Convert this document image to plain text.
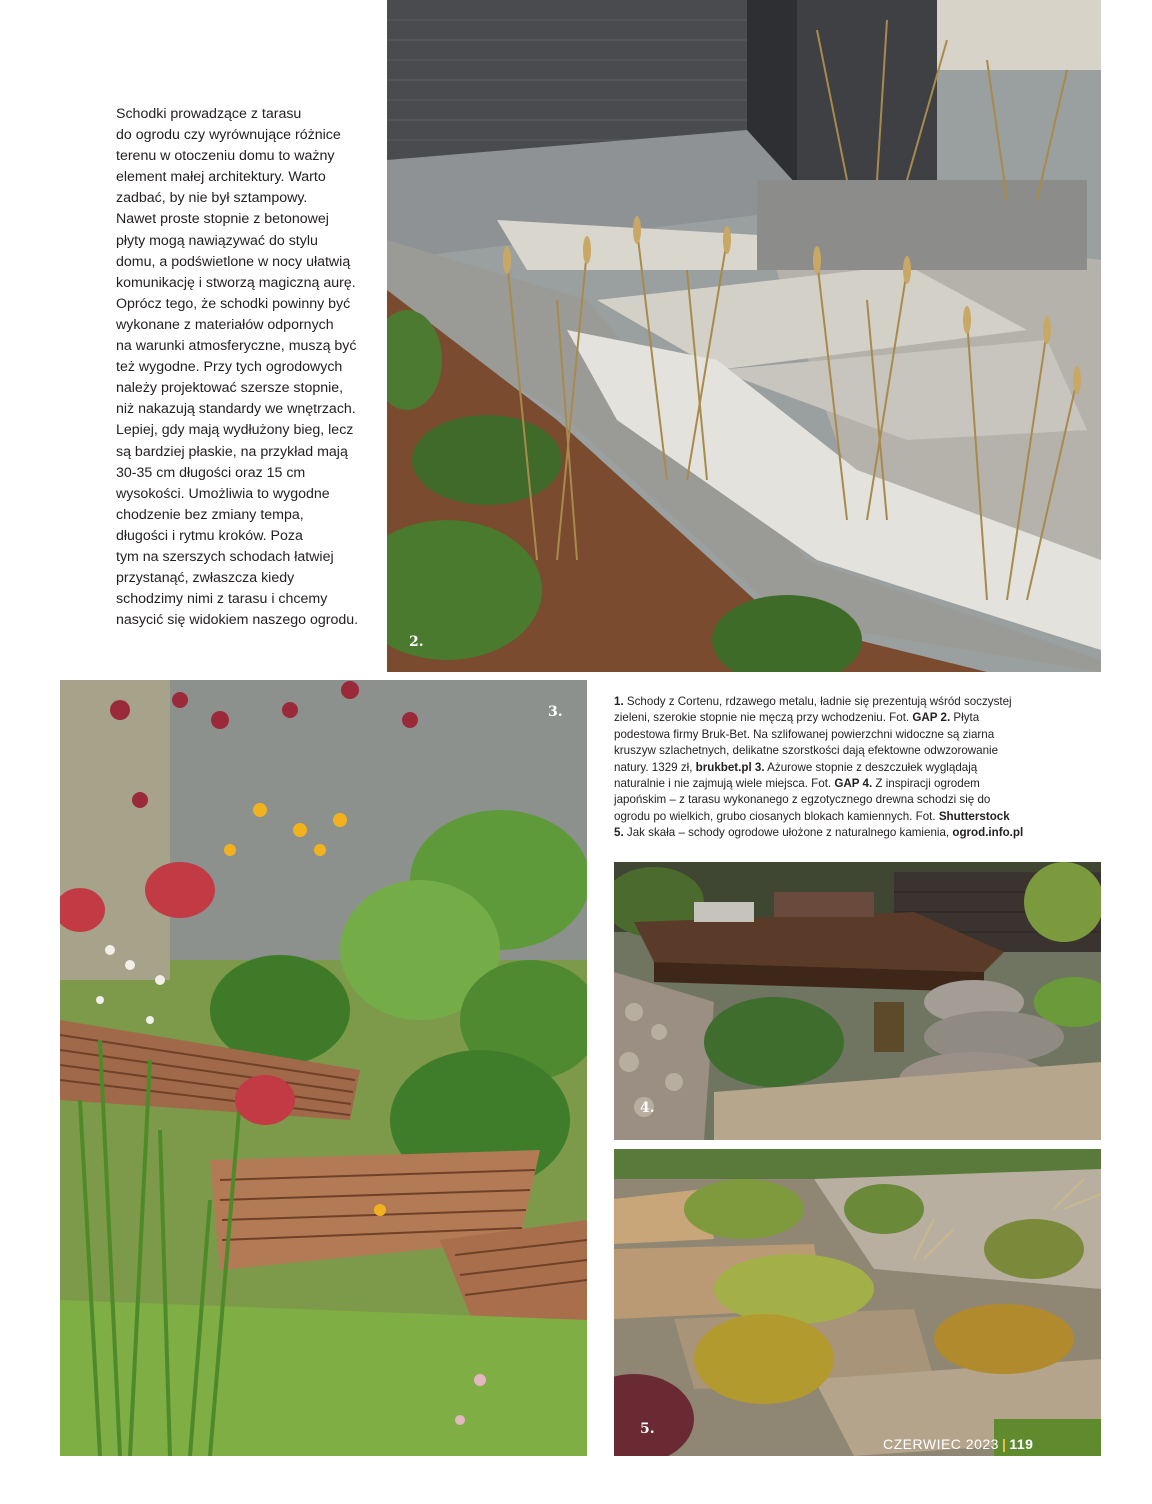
Schodki prowadzące z tarasu
do ogrodu czy wyrównujące różnice
terenu w otoczeniu domu to ważny
element małej architektury. Warto
zadbać, by nie był sztampowy.
Nawet proste stopnie z betonowej
płyty mogą nawiązywać do stylu
domu, a podświetlone w nocy ułatwią
komunikację i stworzą magiczną aurę.
Oprócz tego, że schodki powinny być
wykonane z materiałów odpornych
na warunki atmosferyczne, muszą być
też wygodne. Przy tych ogrodowych
należy projektować szersze stopnie,
niż nakazują standardy we wnętrzach.
Lepiej, gdy mają wydłużony bieg, lecz
są bardziej płaskie, na przykład mają
30-35 cm długości oraz 15 cm
wysokości. Umożliwia to wygodne
chodzenie bez zmiany tempa,
długości i rytmu kroków. Poza
tym na szerszych schodach łatwiej
przystanąć, zwłaszcza kiedy
schodzimy nimi z tarasu i chcemy
nasycić się widokiem naszego ogrodu.
2.
3.
1. Schody z Cortenu, rdzawego metalu, ładnie się prezentują wśród soczystej
zieleni, szerokie stopnie nie męczą przy wchodzeniu. Fot. GAP 2. Płyta
podestowa firmy Bruk-Bet. Na szlifowanej powierzchni widoczne są ziarna
kruszyw szlachetnych, delikatne szorstkości dają efektowne odwzorowanie
natury. 1329 zł, brukbet.pl 3. Ażurowe stopnie z deszczułek wyglądają
naturalnie i nie zajmują wiele miejsca. Fot. GAP 4. Z inspiracji ogrodem
japońskim – z tarasu wykonanego z egzotycznego drewna schodzi się do
ogrodu po wielkich, grubo ciosanych blokach kamiennych. Fot. Shutterstock
5. Jak skała – schody ogrodowe ułożone z naturalnego kamienia, ogrod.info.pl
4.
5.
CZERWIEC 2023 | 119
